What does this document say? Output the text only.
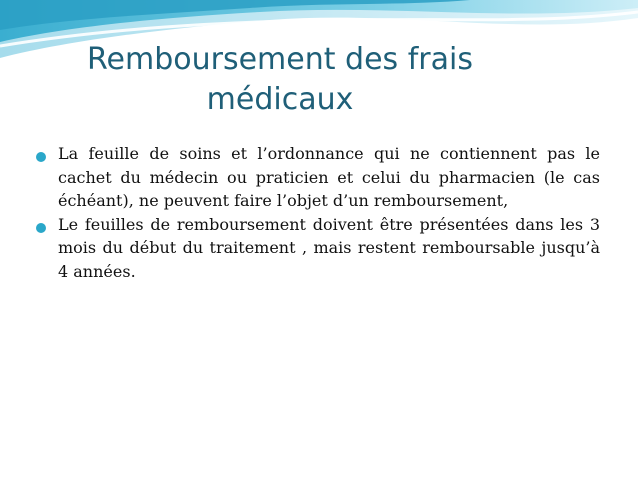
Remboursement des frais médicaux
La feuille de soins et l’ordonnance qui ne contiennent pas le cachet du médecin ou praticien et celui du pharmacien (le cas échéant), ne peuvent faire l’objet d’un remboursement,
Le feuilles de remboursement doivent être présentées dans les 3 mois du début du traitement , mais restent remboursable jusqu’à 4 années.
